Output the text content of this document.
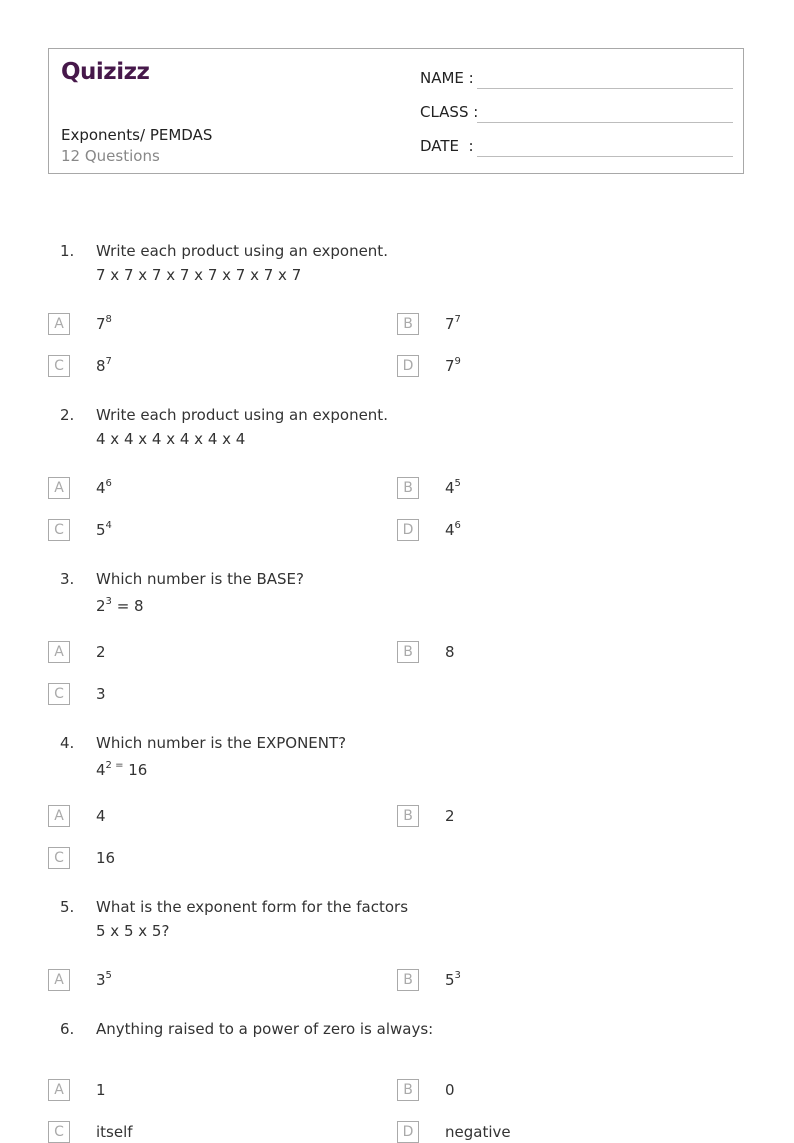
Quizizz
Exponents/ PEMDAS
12 Questions
NAME :
CLASS :
DATE  :
1. Write each product using an exponent.
7 x 7 x 7 x 7 x 7 x 7 x 7 x 7
A	$7^8$	B	$7^7$
C	$8^7$	D	$7^9$
2. Write each product using an exponent.
4 x 4 x 4 x 4 x 4 x 4
A	$4^6$	B	$4^5$
C	$5^4$	D	$4^6$
3. Which number is the BASE?
$2^3 = 8$
A	2	B	8
C	3
4. Which number is the EXPONENT?
$4^{2 =}$ 16
A	4	B	2
C	16
5. What is the exponent form for the factors
5 x 5 x 5?
A	$3^5$	B	$5^3$
6. Anything raised to a power of zero is always:
A	1	B	0
C	itself	D	negative
